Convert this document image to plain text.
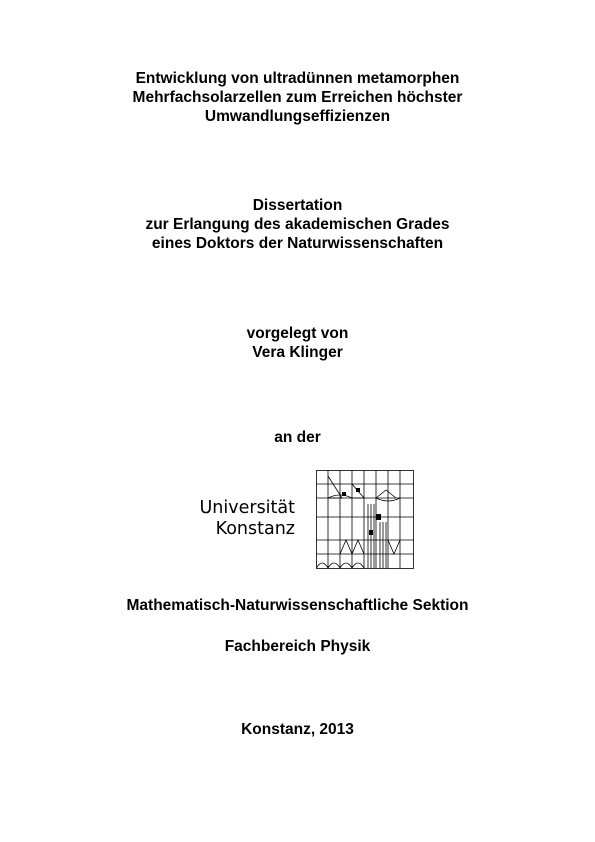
Entwicklung von ultradünnen metamorphen
Mehrfachsolarzellen zum Erreichen höchster
Umwandlungseffizienzen
Dissertation
zur Erlangung des akademischen Grades
eines Doktors der Naturwissenschaften
vorgelegt von
Vera Klinger
an der
Universität
Konstanz
Mathematisch-Naturwissenschaftliche Sektion
Fachbereich Physik
Konstanz, 2013
